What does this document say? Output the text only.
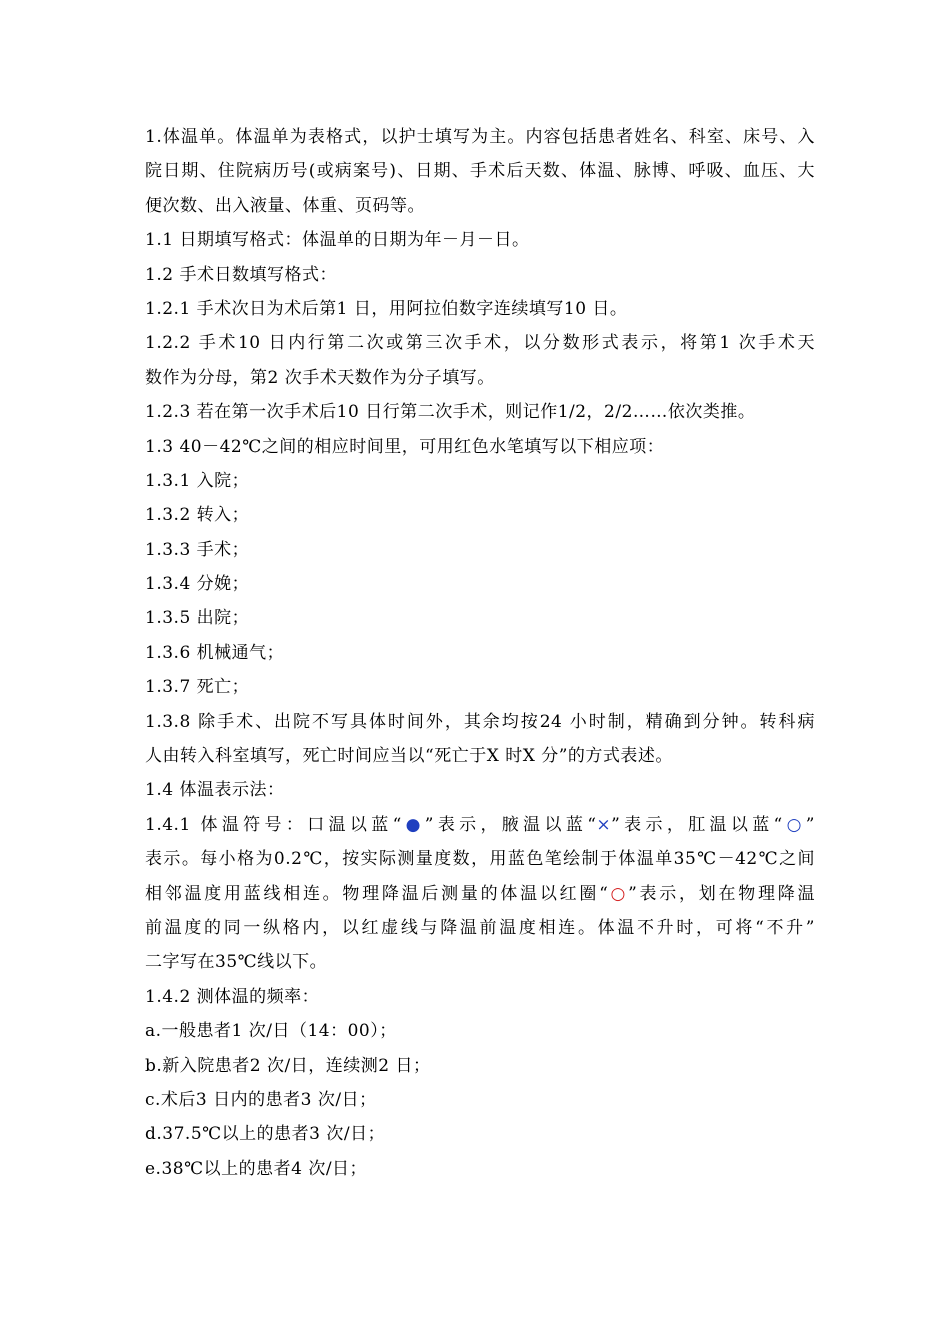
1.体温单。体温单为表格式，以护士填写为主。内容包括患者姓名、科室、床号、入
院日期、住院病历号(或病案号)、日期、手术后天数、体温、脉博、呼吸、血压、大
便次数、出入液量、体重、页码等。
1.1 日期填写格式：体温单的日期为年－月－日。
1.2 手术日数填写格式：
1.2.1 手术次日为术后第1 日，用阿拉伯数字连续填写10 日。
1.2.2 手术10 日内行第二次或第三次手术，以分数形式表示，将第1 次手术天
数作为分母，第2 次手术天数作为分子填写。
1.2.3 若在第一次手术后10 日行第二次手术，则记作1/2，2/2……依次类推。
1.3 40－42℃之间的相应时间里，可用红色水笔填写以下相应项：
1.3.1 入院；
1.3.2 转入；
1.3.3 手术；
1.3.4 分娩；
1.3.5 出院；
1.3.6 机械通气；
1.3.7 死亡；
1.3.8 除手术、出院不写具体时间外，其余均按24 小时制，精确到分钟。转科病
人由转入科室填写，死亡时间应当以“死亡于X 时X 分”的方式表述。
1.4 体温表示法：
1.4.1 体温符号：口温以蓝“●”表示，腋温以蓝“×”表示，肛温以蓝“○”
表示。每小格为0.2℃，按实际测量度数，用蓝色笔绘制于体温单35℃－42℃之间
相邻温度用蓝线相连。物理降温后测量的体温以红圈“○”表示，划在物理降温
前温度的同一纵格内，以红虚线与降温前温度相连。体温不升时，可将“不升”
二字写在35℃线以下。
1.4.2 测体温的频率：
a.一般患者1 次/日（14：00）；
b.新入院患者2 次/日，连续测2 日；
c.术后3 日内的患者3 次/日；
d.37.5℃以上的患者3 次/日；
e.38℃以上的患者4 次/日；
